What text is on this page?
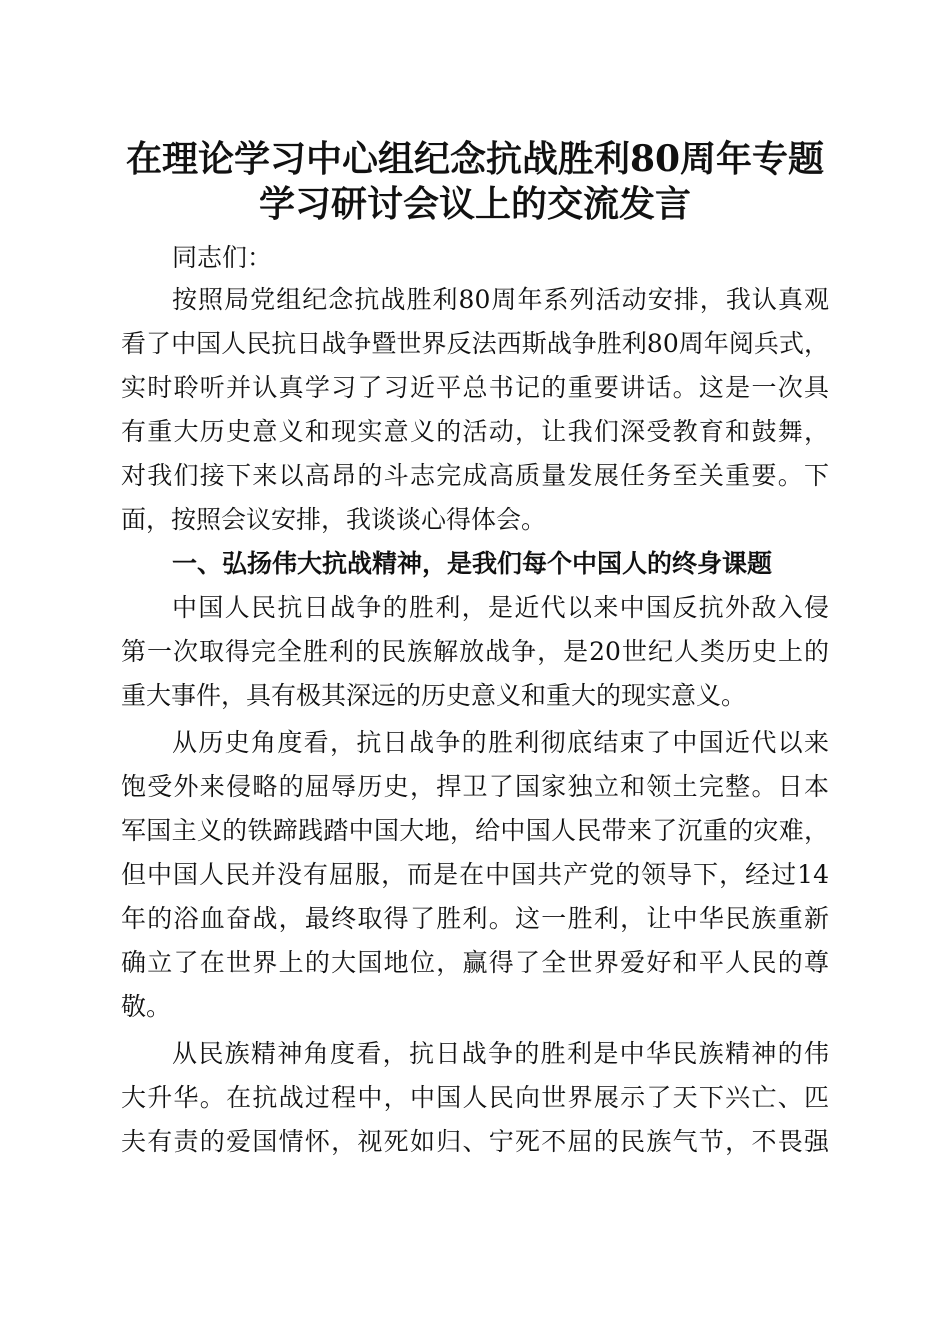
在理论学习中心组纪念抗战胜利80周年专题
学习研讨会议上的交流发言
同志们：
按照局党组纪念抗战胜利80周年系列活动安排，我认真观
看了中国人民抗日战争暨世界反法西斯战争胜利80周年阅兵式，
实时聆听并认真学习了习近平总书记的重要讲话。这是一次具
有重大历史意义和现实意义的活动，让我们深受教育和鼓舞，
对我们接下来以高昂的斗志完成高质量发展任务至关重要。下
面，按照会议安排，我谈谈心得体会。
一、弘扬伟大抗战精神，是我们每个中国人的终身课题
中国人民抗日战争的胜利，是近代以来中国反抗外敌入侵
第一次取得完全胜利的民族解放战争，是20世纪人类历史上的
重大事件，具有极其深远的历史意义和重大的现实意义。
从历史角度看，抗日战争的胜利彻底结束了中国近代以来
饱受外来侵略的屈辱历史，捍卫了国家独立和领土完整。日本
军国主义的铁蹄践踏中国大地，给中国人民带来了沉重的灾难，
但中国人民并没有屈服，而是在中国共产党的领导下，经过14
年的浴血奋战，最终取得了胜利。这一胜利，让中华民族重新
确立了在世界上的大国地位，赢得了全世界爱好和平人民的尊
敬。
从民族精神角度看，抗日战争的胜利是中华民族精神的伟
大升华。在抗战过程中，中国人民向世界展示了天下兴亡、匹
夫有责的爱国情怀，视死如归、宁死不屈的民族气节，不畏强
